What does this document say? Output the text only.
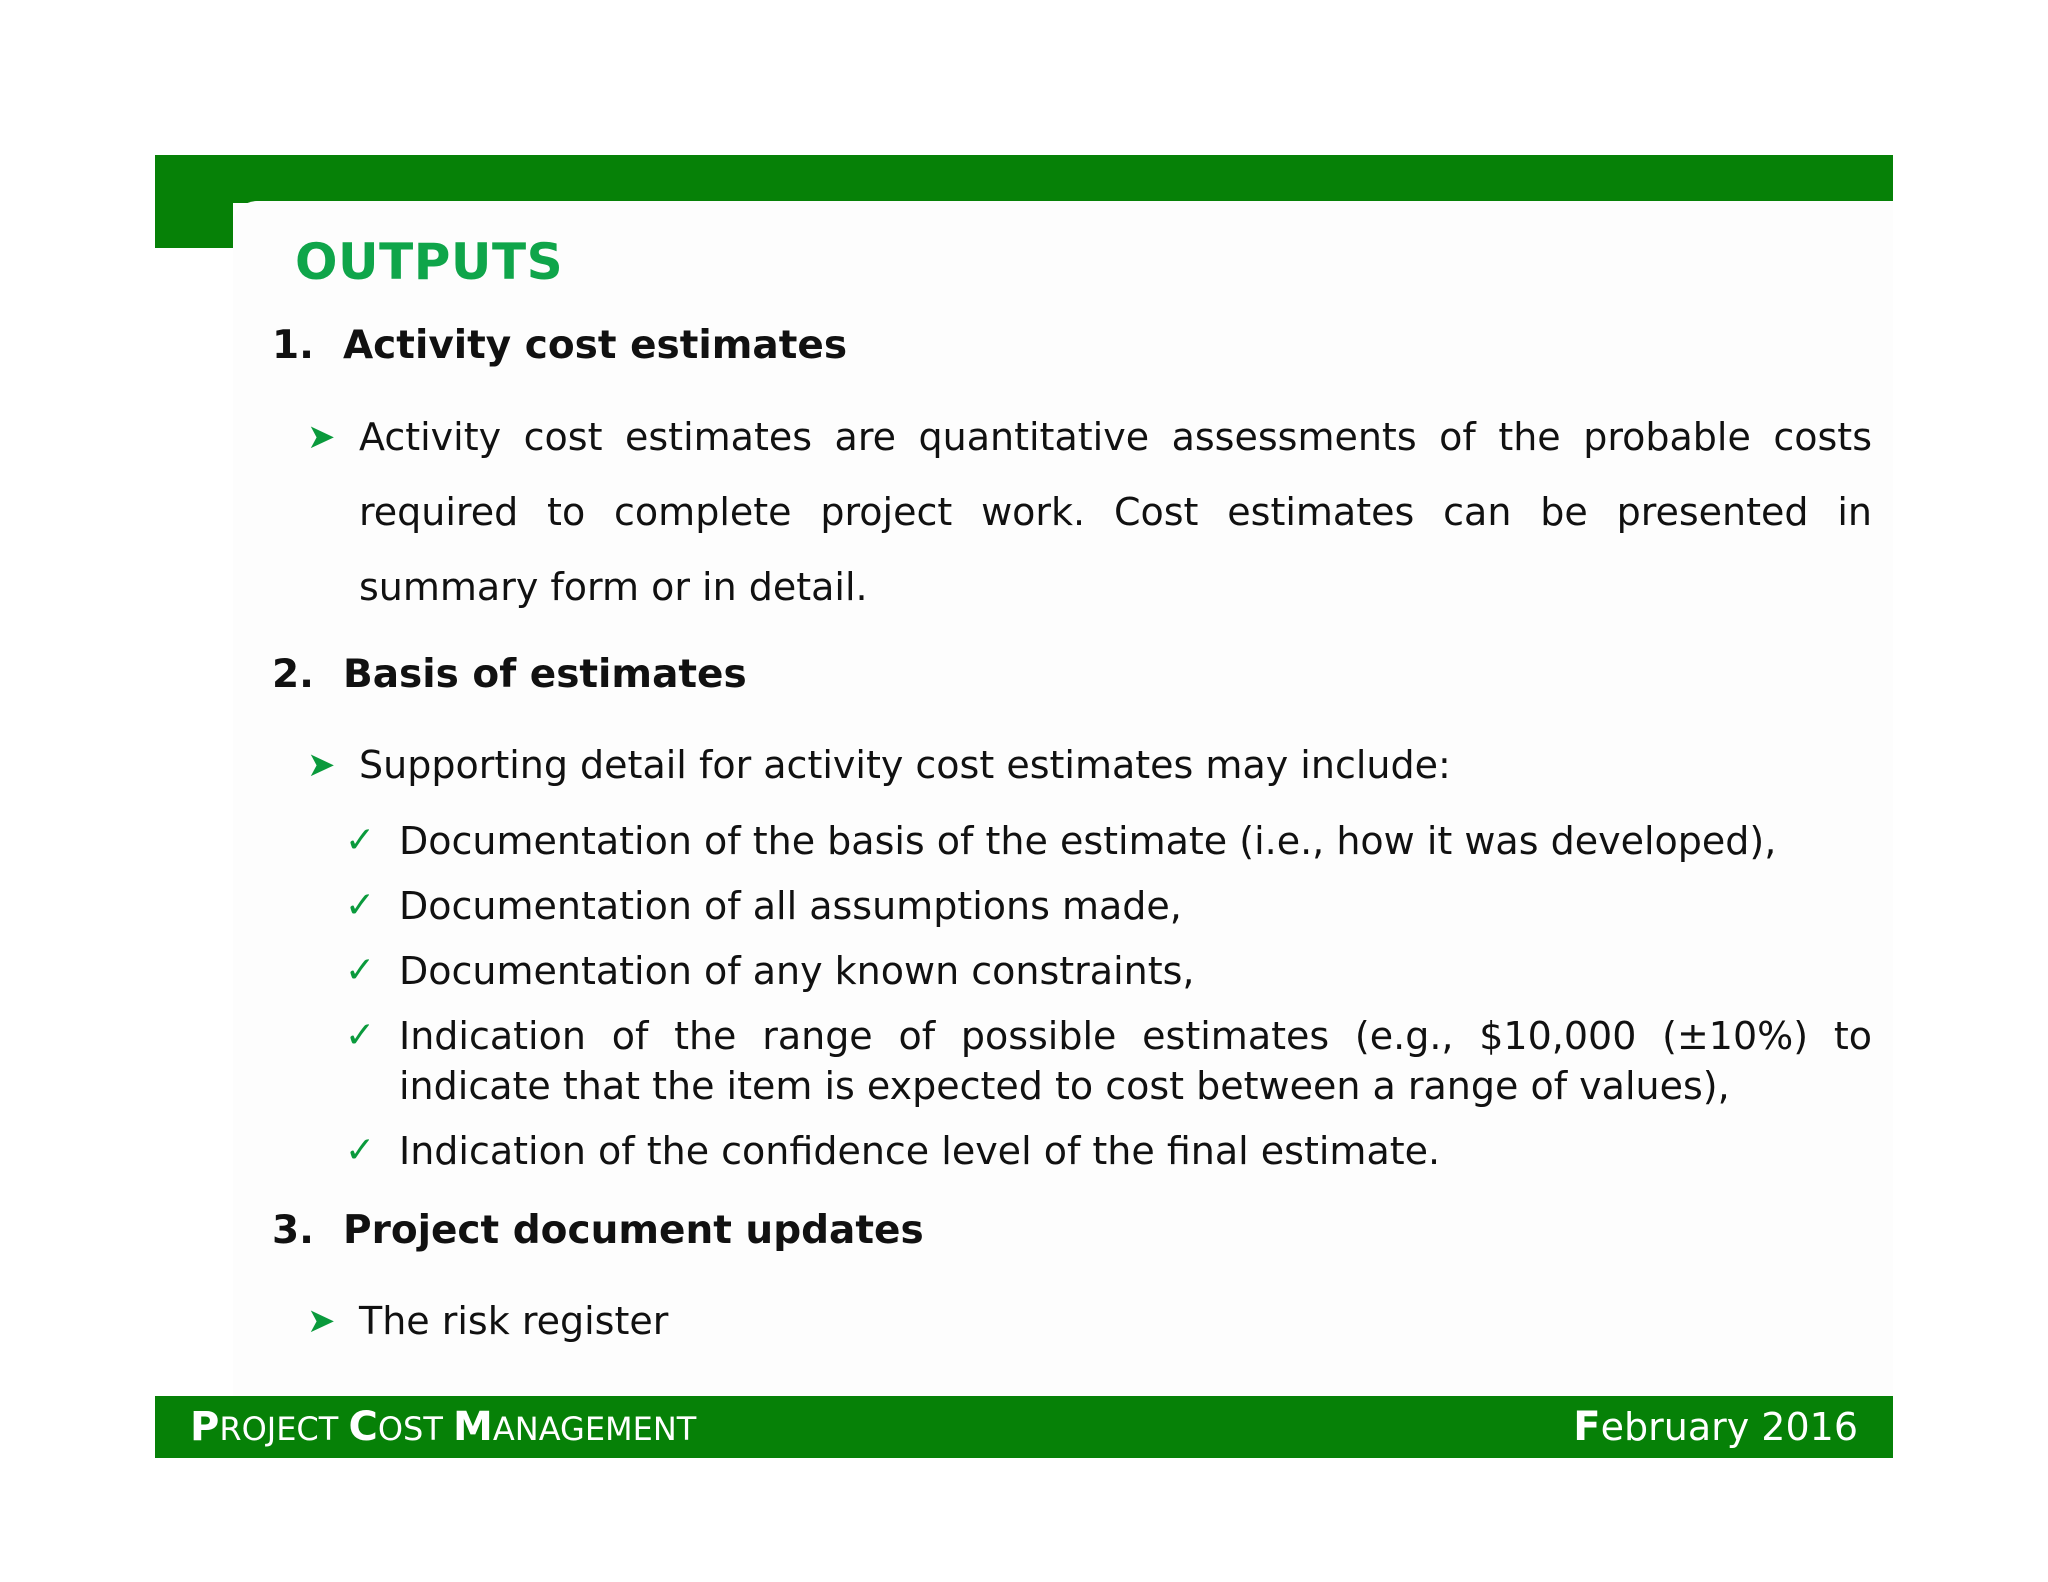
OUTPUTS
1. Activity cost estimates
➤ Activity cost estimates are quantitative assessments of the probable costs required to complete project work. Cost estimates can be presented in summary form or in detail.
2. Basis of estimates
➤ Supporting detail for activity cost estimates may include:
✓ Documentation of the basis of the estimate (i.e., how it was developed),
✓ Documentation of all assumptions made,
✓ Documentation of any known constraints,
✓ Indication of the range of possible estimates (e.g., $10,000 (±10%) to indicate that the item is expected to cost between a range of values),
✓ Indication of the confidence level of the final estimate.
3. Project document updates
➤ The risk register
PROJECT COST MANAGEMENT	February 2016
